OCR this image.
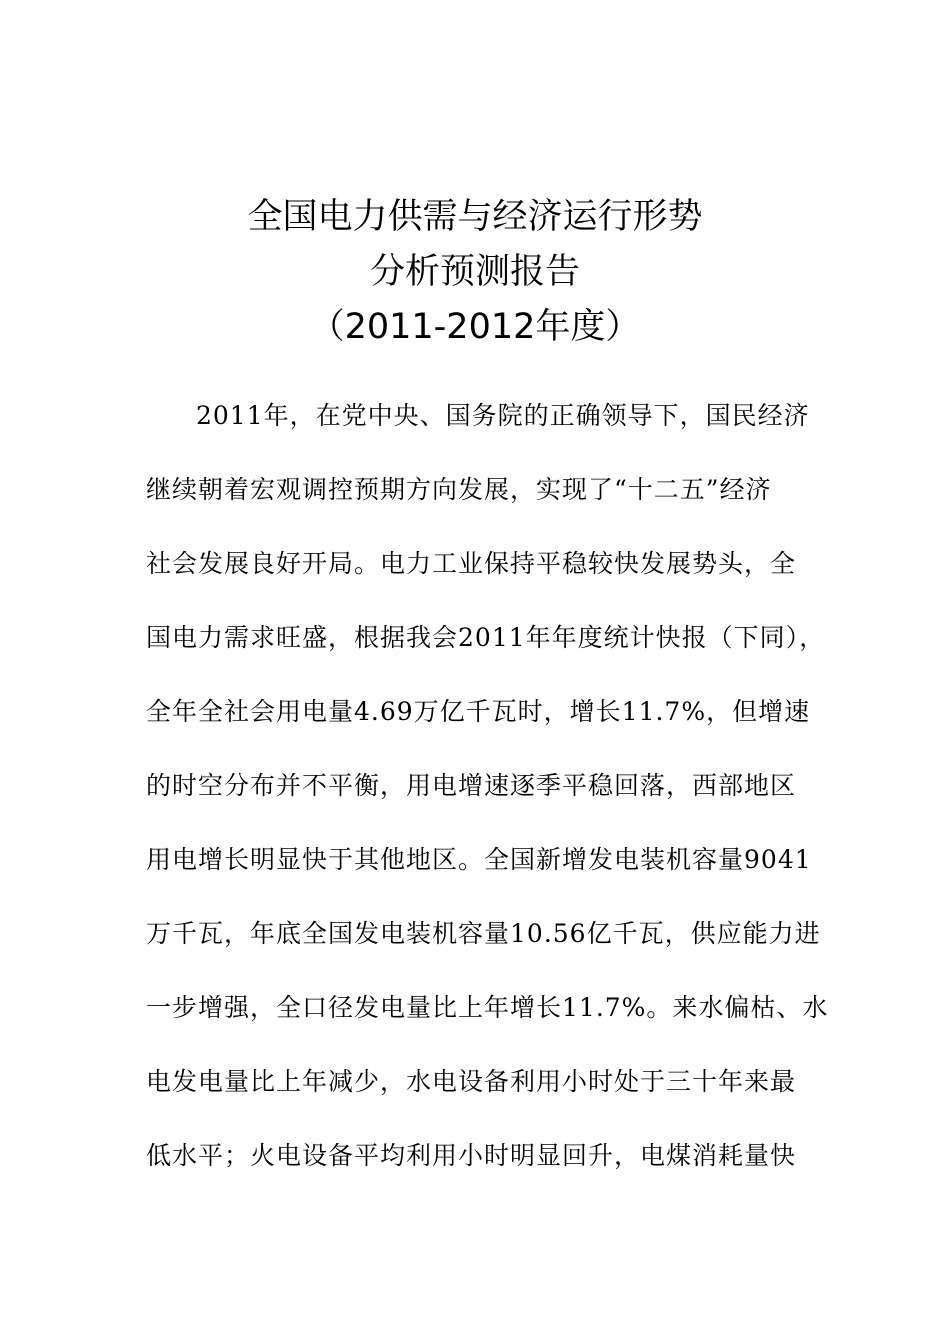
全国电力供需与经济运行形势
分析预测报告
（2011-2012年度）
2011年，在党中央、国务院的正确领导下，国民经济
继续朝着宏观调控预期方向发展，实现了“十二五”经济
社会发展良好开局。电力工业保持平稳较快发展势头，全
国电力需求旺盛，根据我会2011年年度统计快报（下同），
全年全社会用电量4.69万亿千瓦时，增长11.7%，但增速
的时空分布并不平衡，用电增速逐季平稳回落，西部地区
用电增长明显快于其他地区。全国新增发电装机容量9041
万千瓦，年底全国发电装机容量10.56亿千瓦，供应能力进
一步增强，全口径发电量比上年增长11.7%。来水偏枯、水
电发电量比上年减少，水电设备利用小时处于三十年来最
低水平；火电设备平均利用小时明显回升，电煤消耗量快
